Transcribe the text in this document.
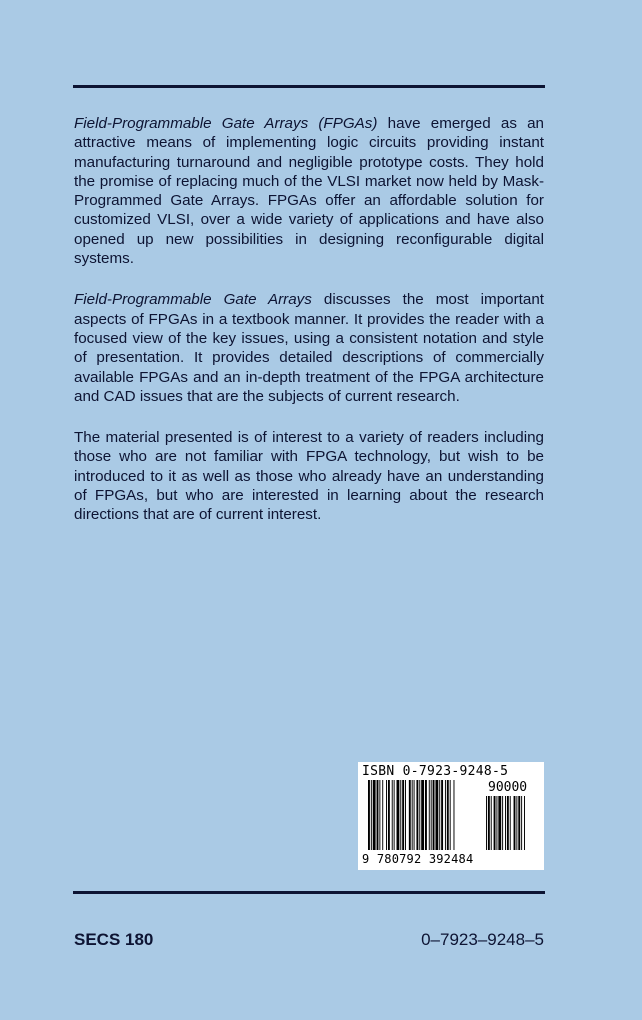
Field-Programmable Gate Arrays (FPGAs) have emerged as an attractive means of implementing logic circuits providing instant manufacturing turnaround and negligible prototype costs. They hold the promise of replacing much of the VLSI market now held by Mask-Programmed Gate Arrays. FPGAs offer an affordable solution for customized VLSI, over a wide variety of applications and have also opened up new possibilities in designing reconfigurable digital systems.

Field-Programmable Gate Arrays discusses the most important aspects of FPGAs in a textbook manner. It provides the reader with a focused view of the key issues, using a consistent notation and style of presentation. It provides detailed descriptions of commercially available FPGAs and an in-depth treatment of the FPGA architecture and CAD issues that are the subjects of current research.

The material presented is of interest to a variety of readers including those who are not familiar with FPGA technology, but wish to be introduced to it as well as those who already have an understanding of FPGAs, but who are interested in learning about the research directions that are of current interest.

ISBN 0-7923-9248-5
90000
9 780792 392484
SECS 180	0–7923–9248–5
